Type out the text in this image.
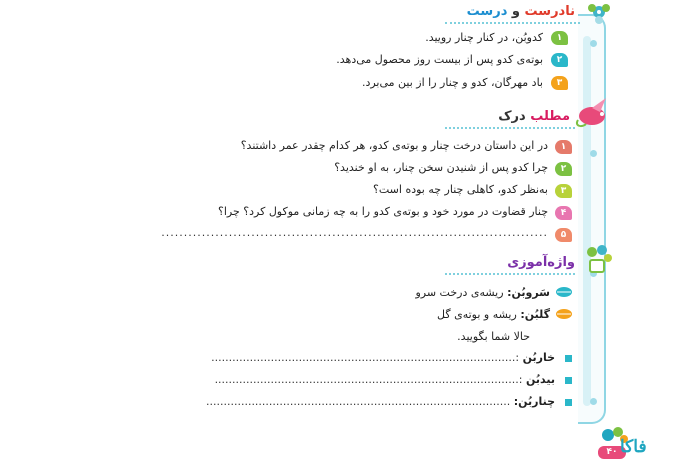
نادرست و درست
۱
کدوبُن، در کنار چنار رویید.
۲
بوته‌ی کدو پس از بیست روز محصول می‌دهد.
۳
باد مهرگان، کدو و چنار را از بین می‌برد.
مطلب درک
۱
در این داستان درخت چنار و بوته‌ی کدو، هر کدام چقدر عمر داشتند؟
۲
چرا کدو پس از شنیدن سخن چنار، به او خندید؟
۳
به‌نظر کدو، کاهلی چنار چه بوده است؟
۴
چنار قضاوت در مورد خود و بوته‌ی کدو را به چه زمانی موکول کرد؟ چرا؟
۵
......................................................................................
واژه‌آموزی
سَروبُن: ریشه‌ی درخت سرو
گلبُن: ریشه و بوته‌ی گل
حالا شما بگویید.
خاربُن :.......................................................................................
بیدبُن :.......................................................................................
چناربُن: .......................................................................................
۴۰ ﻓﺎﮐﺎ
